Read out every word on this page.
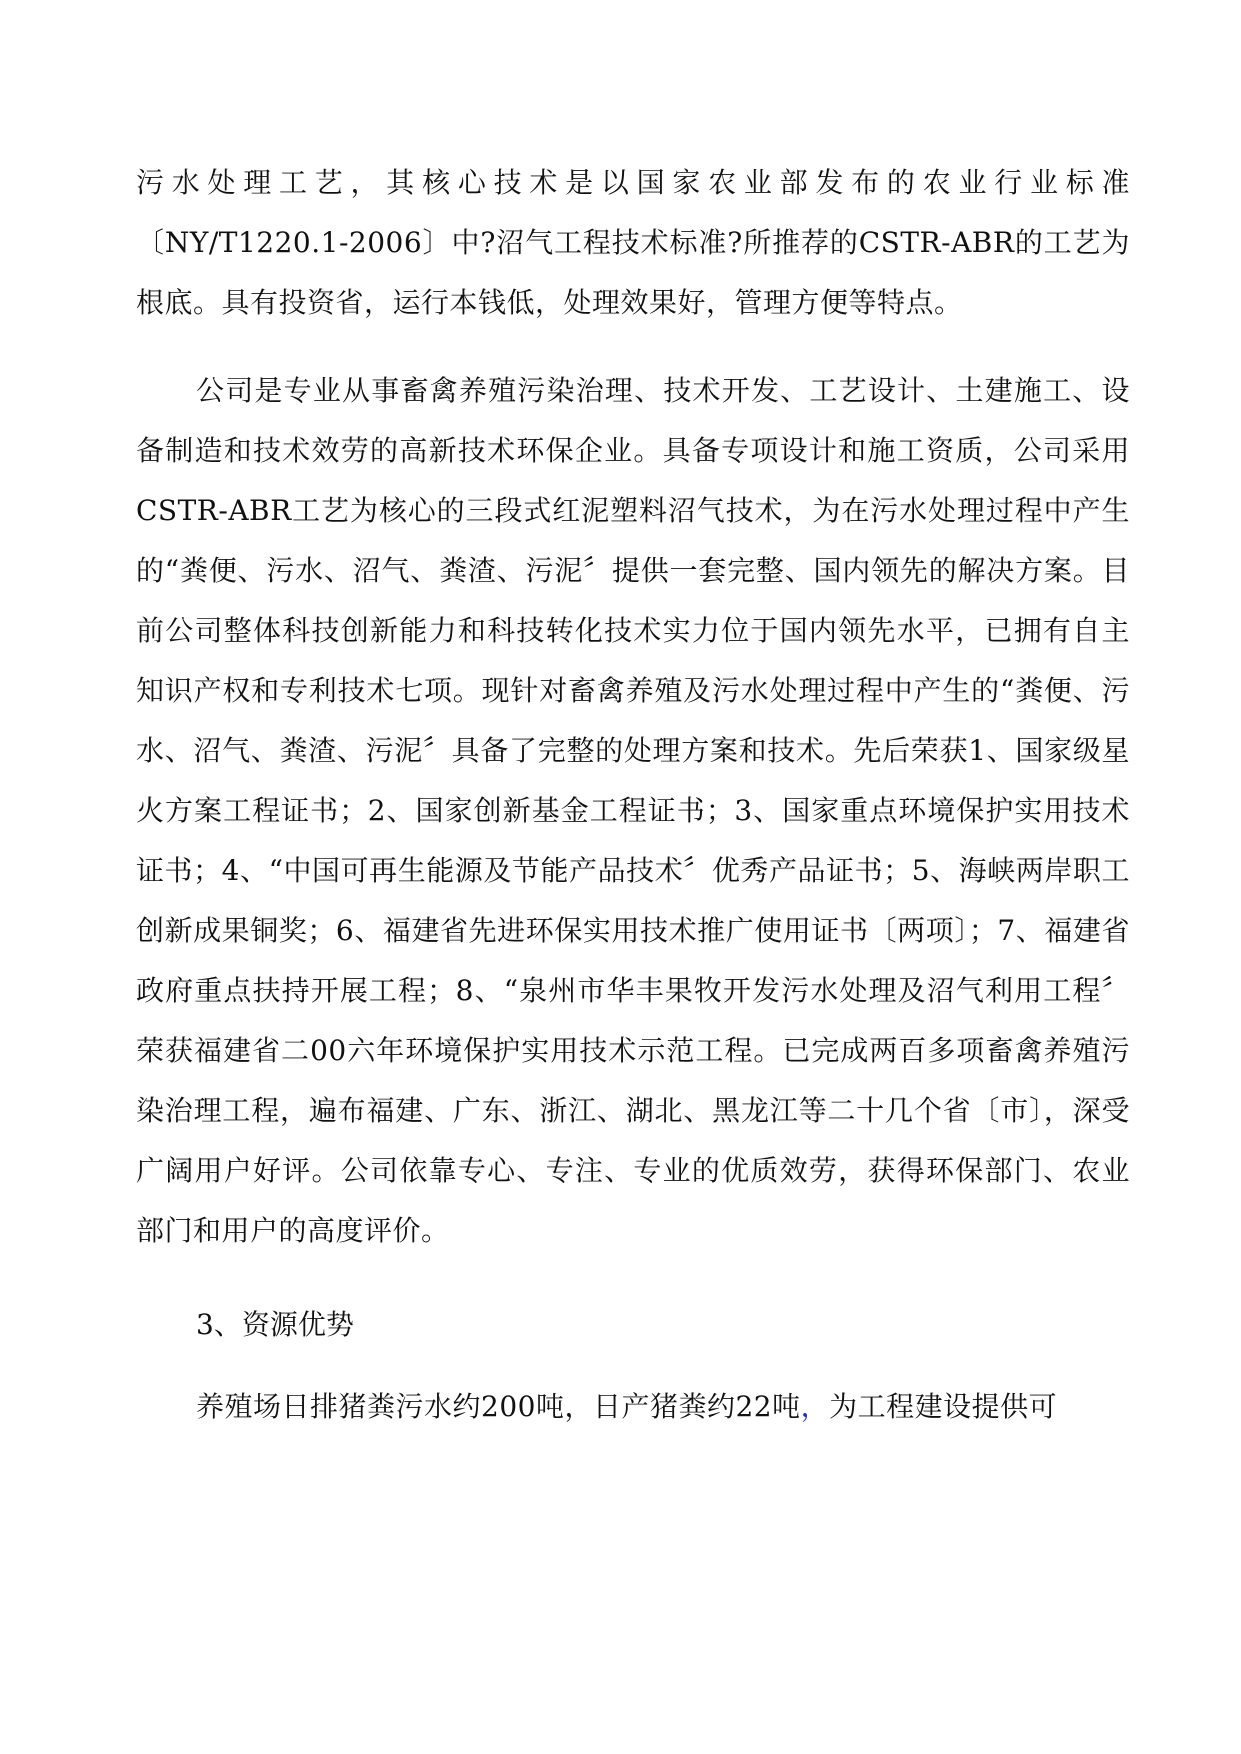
污水处理工艺，其核心技术是以国家农业部发布的农业行业标准〔NY/T1220.1-2006〕中?沼气工程技术标准?所推荐的CSTR-ABR的工艺为根底。具有投资省，运行本钱低，处理效果好，管理方便等特点。

公司是专业从事畜禽养殖污染治理、技术开发、工艺设计、土建施工、设备制造和技术效劳的高新技术环保企业。具备专项设计和施工资质，公司采用CSTR-ABR工艺为核心的三段式红泥塑料沼气技术，为在污水处理过程中产生的“粪便、污水、沼气、粪渣、污泥〞提供一套完整、国内领先的解决方案。目前公司整体科技创新能力和科技转化技术实力位于国内领先水平，已拥有自主知识产权和专利技术七项。现针对畜禽养殖及污水处理过程中产生的“粪便、污水、沼气、粪渣、污泥〞具备了完整的处理方案和技术。先后荣获1、国家级星火方案工程证书；2、国家创新基金工程证书；3、国家重点环境保护实用技术证书；4、“中国可再生能源及节能产品技术〞优秀产品证书；5、海峡两岸职工创新成果铜奖；6、福建省先进环保实用技术推广使用证书〔两项〕；7、福建省政府重点扶持开展工程；8、“泉州市华丰果牧开发污水处理及沼气利用工程〞荣获福建省二00六年环境保护实用技术示范工程。已完成两百多项畜禽养殖污染治理工程，遍布福建、广东、浙江、湖北、黑龙江等二十几个省〔市〕，深受广阔用户好评。公司依靠专心、专注、专业的优质效劳，获得环保部门、农业部门和用户的高度评价。

3、资源优势

养殖场日排猪粪污水约200吨，日产猪粪约22吨，为工程建设提供可
